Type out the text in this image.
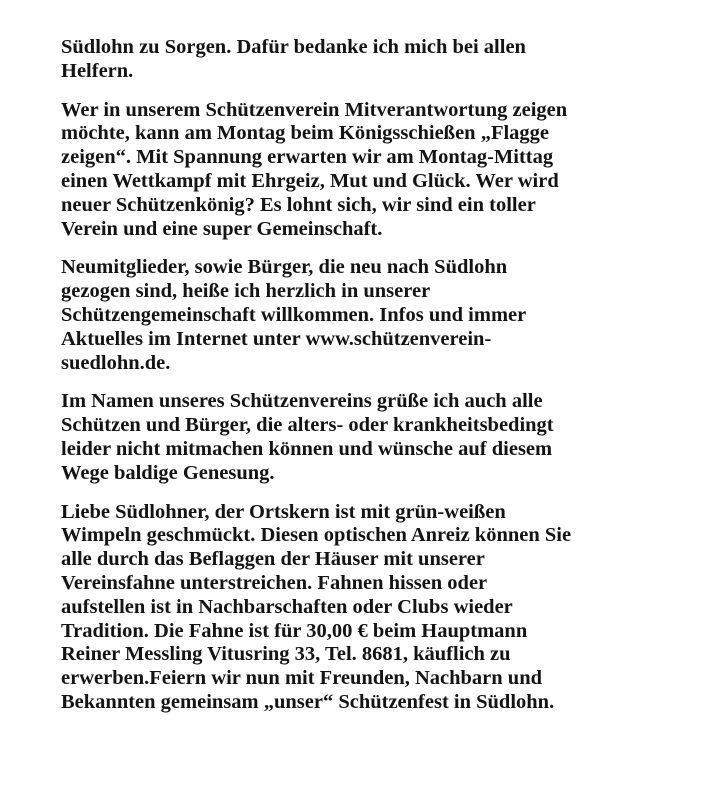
Südlohn zu Sorgen. Dafür bedanke ich mich bei allen
Helfern.

Wer in unserem Schützenverein Mitverantwortung zeigen
möchte, kann am Montag beim Königsschießen „Flagge
zeigen“. Mit Spannung erwarten wir am Montag-Mittag
einen Wettkampf mit Ehrgeiz, Mut und Glück. Wer wird
neuer Schützenkönig? Es lohnt sich, wir sind ein toller
Verein und eine super Gemeinschaft.

Neumitglieder, sowie Bürger, die neu nach Südlohn
gezogen sind, heiße ich herzlich in unserer
Schützengemeinschaft willkommen. Infos und immer
Aktuelles im Internet unter www.schützenverein-
suedlohn.de.

Im Namen unseres Schützenvereins grüße ich auch alle
Schützen und Bürger, die alters- oder krankheitsbedingt
leider nicht mitmachen können und wünsche auf diesem
Wege baldige Genesung.

Liebe Südlohner, der Ortskern ist mit grün-weißen
Wimpeln geschmückt. Diesen optischen Anreiz können Sie
alle durch das Beflaggen der Häuser mit unserer
Vereinsfahne unterstreichen. Fahnen hissen oder
aufstellen ist in Nachbarschaften oder Clubs wieder
Tradition. Die Fahne ist für 30,00 € beim Hauptmann
Reiner Messling Vitusring 33, Tel. 8681, käuflich zu
erwerben.Feiern wir nun mit Freunden, Nachbarn und
Bekannten gemeinsam „unser“ Schützenfest in Südlohn.
